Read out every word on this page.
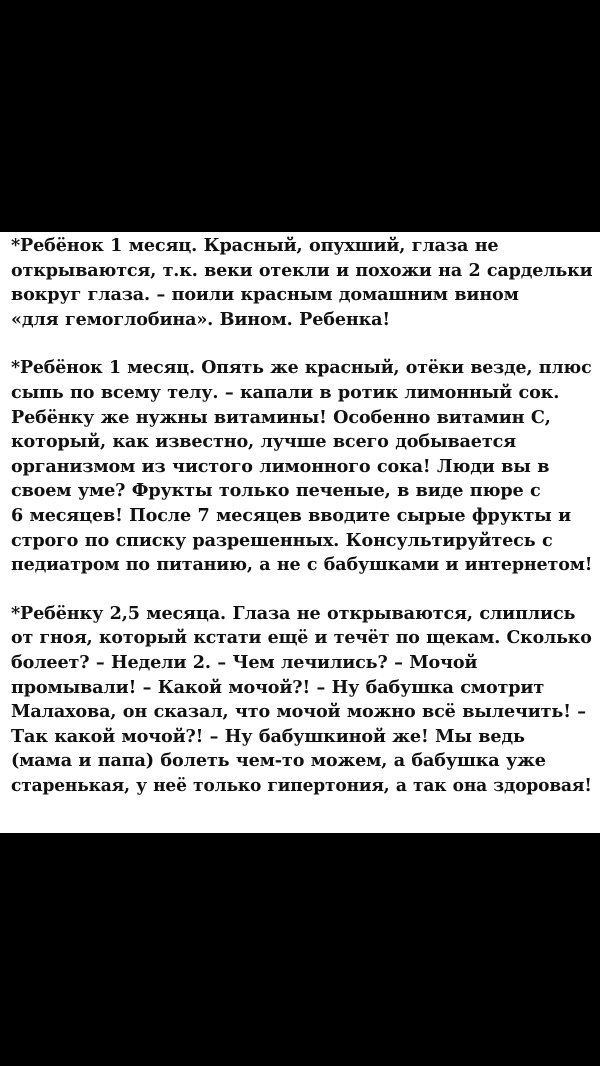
*Ребёнок 1 месяц. Красный, опухший, глаза не
открываются, т.к. веки отекли и похожи на 2 сардельки
вокруг глаза. – поили красным домашним вином
«для гемоглобина». Вином. Ребенка!

*Ребёнок 1 месяц. Опять же красный, отёки везде, плюс
сыпь по всему телу. – капали в ротик лимонный сок.
Ребёнку же нужны витамины! Особенно витамин С,
который, как известно, лучше всего добывается
организмом из чистого лимонного сока! Люди вы в
своем уме? Фрукты только печеные, в виде пюре с
6 месяцев! После 7 месяцев вводите сырые фрукты и
строго по списку разрешенных. Консультируйтесь с
педиатром по питанию, а не с бабушками и интернетом!

*Ребёнку 2,5 месяца. Глаза не открываются, слиплись
от гноя, который кстати ещё и течёт по щекам. Сколько
болеет? – Недели 2. – Чем лечились? – Мочой
промывали! – Какой мочой?! – Ну бабушка смотрит
Малахова, он сказал, что мочой можно всё вылечить! –
Так какой мочой?! – Ну бабушкиной же! Мы ведь
(мама и папа) болеть чем-то можем, а бабушка уже
старенькая, у неё только гипертония, а так она здоровая!
